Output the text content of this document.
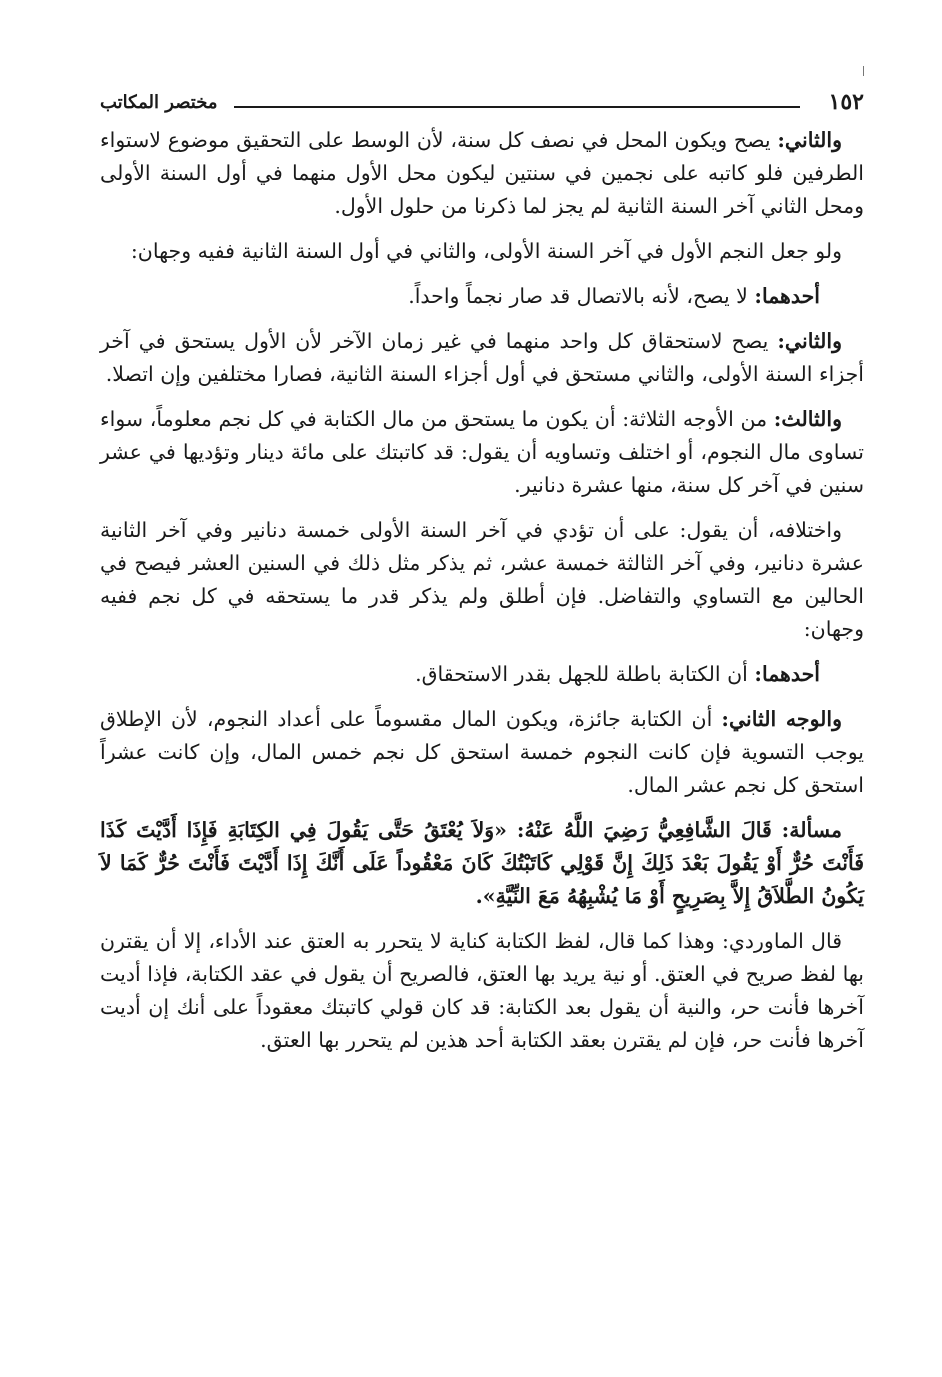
١٥٢
مختصر المكاتب

والثاني: يصح ويكون المحل في نصف كل سنة، لأن الوسط على التحقيق موضوع لاستواء الطرفين فلو كاتبه على نجمين في سنتين ليكون محل الأول منهما في أول السنة الأولى ومحل الثاني آخر السنة الثانية لم يجز لما ذكرنا من حلول الأول.

ولو جعل النجم الأول في آخر السنة الأولى، والثاني في أول السنة الثانية ففيه وجهان:

أحدهما: لا يصح، لأنه بالاتصال قد صار نجماً واحداً.

والثاني: يصح لاستحقاق كل واحد منهما في غير زمان الآخر لأن الأول يستحق في آخر أجزاء السنة الأولى، والثاني مستحق في أول أجزاء السنة الثانية، فصارا مختلفين وإن اتصلا.

والثالث: من الأوجه الثلاثة: أن يكون ما يستحق من مال الكتابة في كل نجم معلوماً، سواء تساوى مال النجوم، أو اختلف وتساويه أن يقول: قد كاتبتك على مائة دينار وتؤديها في عشر سنين في آخر كل سنة، منها عشرة دنانير.

واختلافه، أن يقول: على أن تؤدي في آخر السنة الأولى خمسة دنانير وفي آخر الثانية عشرة دنانير، وفي آخر الثالثة خمسة عشر، ثم يذكر مثل ذلك في السنين العشر فيصح في الحالين مع التساوي والتفاضل. فإن أطلق ولم يذكر قدر ما يستحقه في كل نجم ففيه وجهان:

أحدهما: أن الكتابة باطلة للجهل بقدر الاستحقاق.

والوجه الثاني: أن الكتابة جائزة، ويكون المال مقسوماً على أعداد النجوم، لأن الإطلاق يوجب التسوية فإن كانت النجوم خمسة استحق كل نجم خمس المال، وإن كانت عشراً استحق كل نجم عشر المال.

مسألة: قَالَ الشَّافِعِيُّ رَضِيَ اللَّهُ عَنْهُ: «وَلاَ يُعْتَقُ حَتَّى يَقُولَ فِي الكِتَابَةِ فَإِذَا أَدَّيْتَ كَذَا فَأَنْتَ حُرٌّ أَوْ يَقُولَ بَعْدَ ذَلِكَ إِنَّ قَوْلِي كَاتَبْتُكَ كَانَ مَعْقُوداً عَلَى أَنَّكَ إِذَا أَدَّيْتَ فَأَنْتَ حُرٌّ كَمَا لاَ يَكُونُ الطَّلاَقُ إِلاَّ بِصَرِيحٍ أَوْ مَا يُشْبِهُهُ مَعَ النِّيَّةِ».

قال الماوردي: وهذا كما قال، لفظ الكتابة كناية لا يتحرر به العتق عند الأداء، إلا أن يقترن بها لفظ صريح في العتق. أو نية يريد بها العتق، فالصريح أن يقول في عقد الكتابة، فإذا أديت آخرها فأنت حر، والنية أن يقول بعد الكتابة: قد كان قولي كاتبتك معقوداً على أنك إن أديت آخرها فأنت حر، فإن لم يقترن بعقد الكتابة أحد هذين لم يتحرر بها العتق.
